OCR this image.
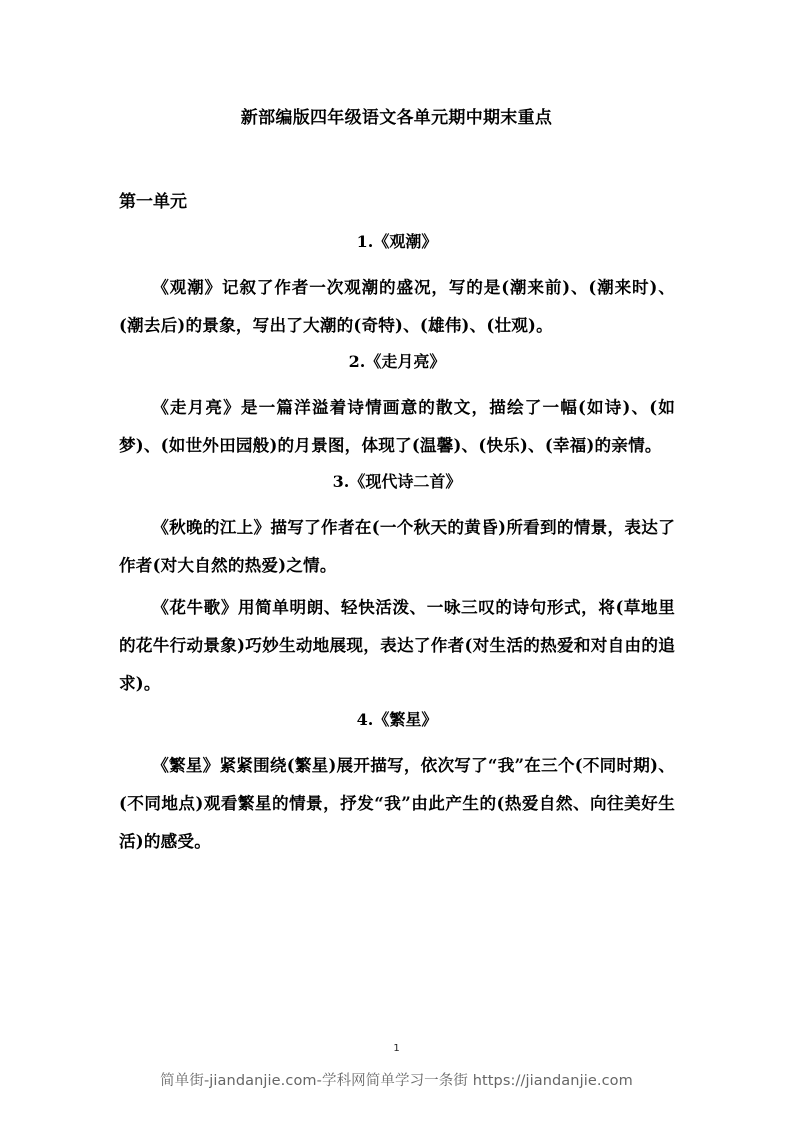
新部编版四年级语文各单元期中期末重点
第一单元

1.《观潮》

《观潮》记叙了作者一次观潮的盛况，写的是(潮来前)、(潮来时)、(潮去后)的景象，写出了大潮的(奇特)、(雄伟)、(壮观)。

2.《走月亮》

《走月亮》是一篇洋溢着诗情画意的散文，描绘了一幅(如诗)、(如梦)、(如世外田园般)的月景图，体现了(温馨)、(快乐)、(幸福)的亲情。

3.《现代诗二首》

《秋晚的江上》描写了作者在(一个秋天的黄昏)所看到的情景，表达了作者(对大自然的热爱)之情。

《花牛歌》用简单明朗、轻快活泼、一咏三叹的诗句形式，将(草地里的花牛行动景象)巧妙生动地展现，表达了作者(对生活的热爱和对自由的追求)。

4.《繁星》

《繁星》紧紧围绕(繁星)展开描写，依次写了“我”在三个(不同时期)、(不同地点)观看繁星的情景，抒发“我”由此产生的(热爱自然、向往美好生活)的感受。

1
简单街-jiandanjie.com-学科网简单学习一条街 https://jiandanjie.com
